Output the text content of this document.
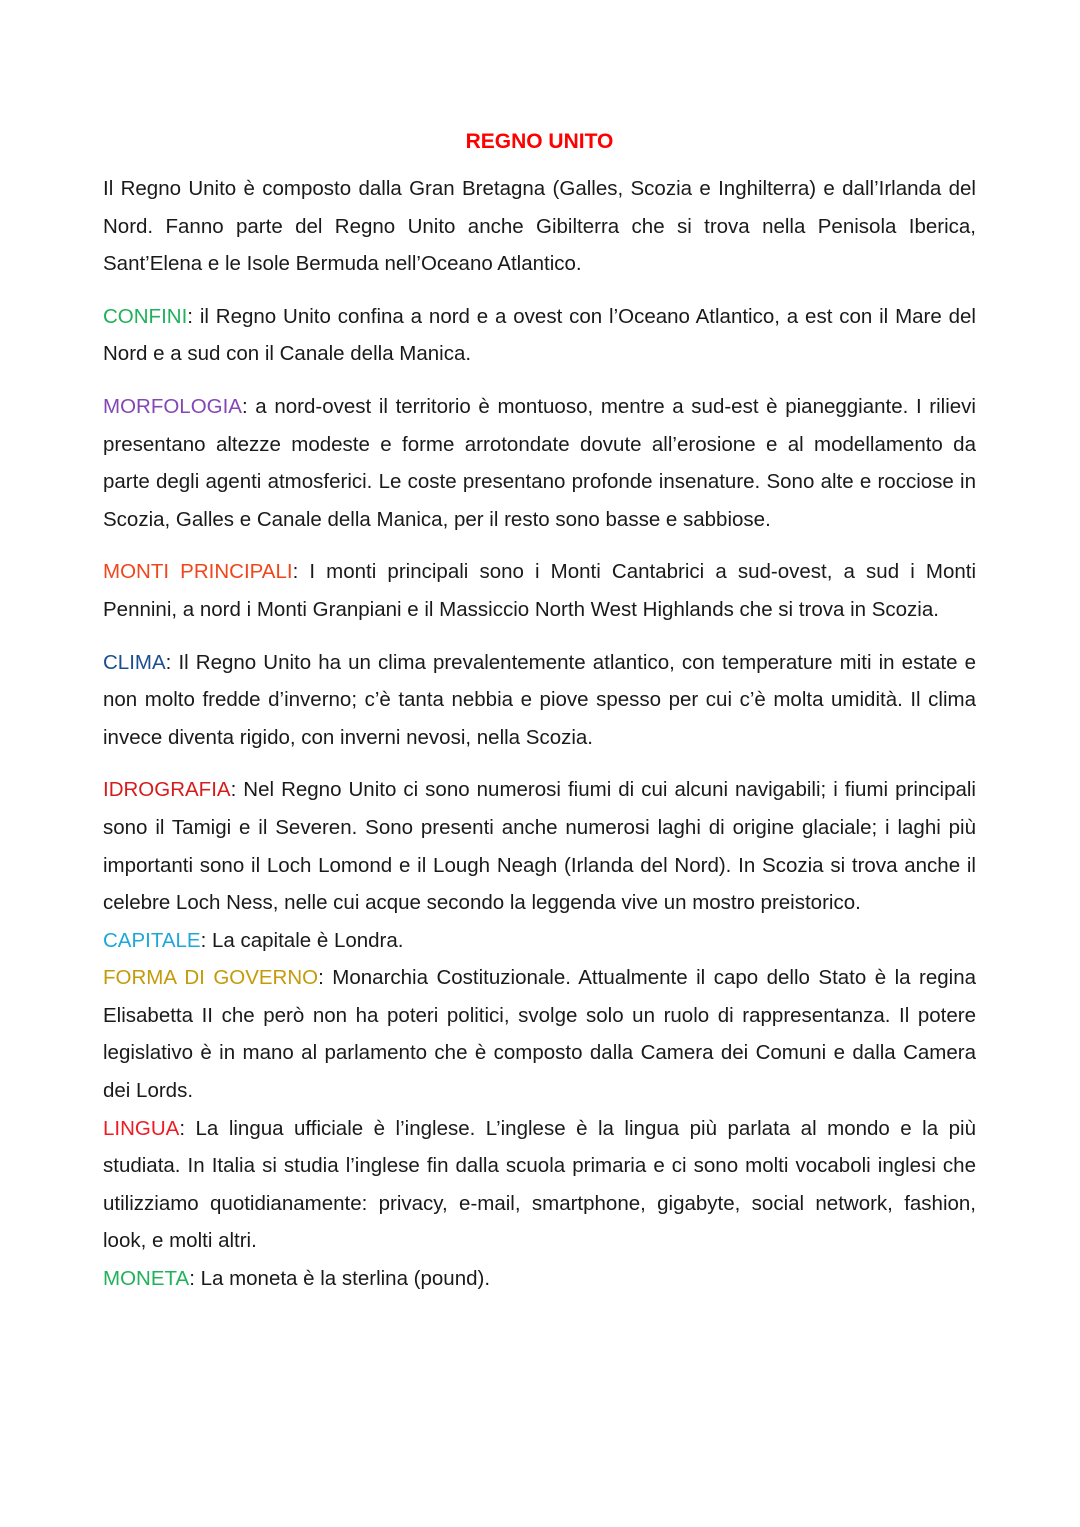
REGNO UNITO

Il Regno Unito è composto dalla Gran Bretagna (Galles, Scozia e Inghilterra) e dall’Irlanda del Nord. Fanno parte del Regno Unito anche Gibilterra che si trova nella Penisola Iberica, Sant’Elena e le Isole Bermuda nell’Oceano Atlantico.

CONFINI: il Regno Unito confina a nord e a ovest con l’Oceano Atlantico, a est con il Mare del Nord e a sud con il Canale della Manica.

MORFOLOGIA: a nord-ovest il territorio è montuoso, mentre a sud-est è pianeggiante. I rilievi presentano altezze modeste e forme arrotondate dovute all’erosione e al modellamento da parte degli agenti atmosferici. Le coste presentano profonde insenature. Sono alte e rocciose in Scozia, Galles e Canale della Manica, per il resto sono basse e sabbiose.

MONTI PRINCIPALI: I monti principali sono i Monti Cantabrici a sud-ovest, a sud i Monti Pennini, a nord i Monti Granpiani e il Massiccio North West Highlands che si trova in Scozia.

CLIMA: Il Regno Unito ha un clima prevalentemente atlantico, con temperature miti in estate e non molto fredde d’inverno; c’è tanta nebbia e piove spesso per cui c’è molta umidità. Il clima invece diventa rigido, con inverni nevosi, nella Scozia.

IDROGRAFIA: Nel Regno Unito ci sono numerosi fiumi di cui alcuni navigabili; i fiumi principali sono il Tamigi e il Severen. Sono presenti anche numerosi laghi di origine glaciale; i laghi più importanti sono il Loch Lomond e il Lough Neagh (Irlanda del Nord). In Scozia si trova anche il celebre Loch Ness, nelle cui acque secondo la leggenda vive un mostro preistorico.

CAPITALE: La capitale è Londra.

FORMA DI GOVERNO: Monarchia Costituzionale. Attualmente il capo dello Stato è la regina Elisabetta II che però non ha poteri politici, svolge solo un ruolo di rappresentanza. Il potere legislativo è in mano al parlamento che è composto dalla Camera dei Comuni e dalla Camera dei Lords.

LINGUA: La lingua ufficiale è l’inglese. L’inglese è la lingua più parlata al mondo e la più studiata. In Italia si studia l’inglese fin dalla scuola primaria e ci sono molti vocaboli inglesi che utilizziamo quotidianamente: privacy, e-mail, smartphone, gigabyte, social network, fashion, look, e molti altri.

MONETA: La moneta è la sterlina (pound).
